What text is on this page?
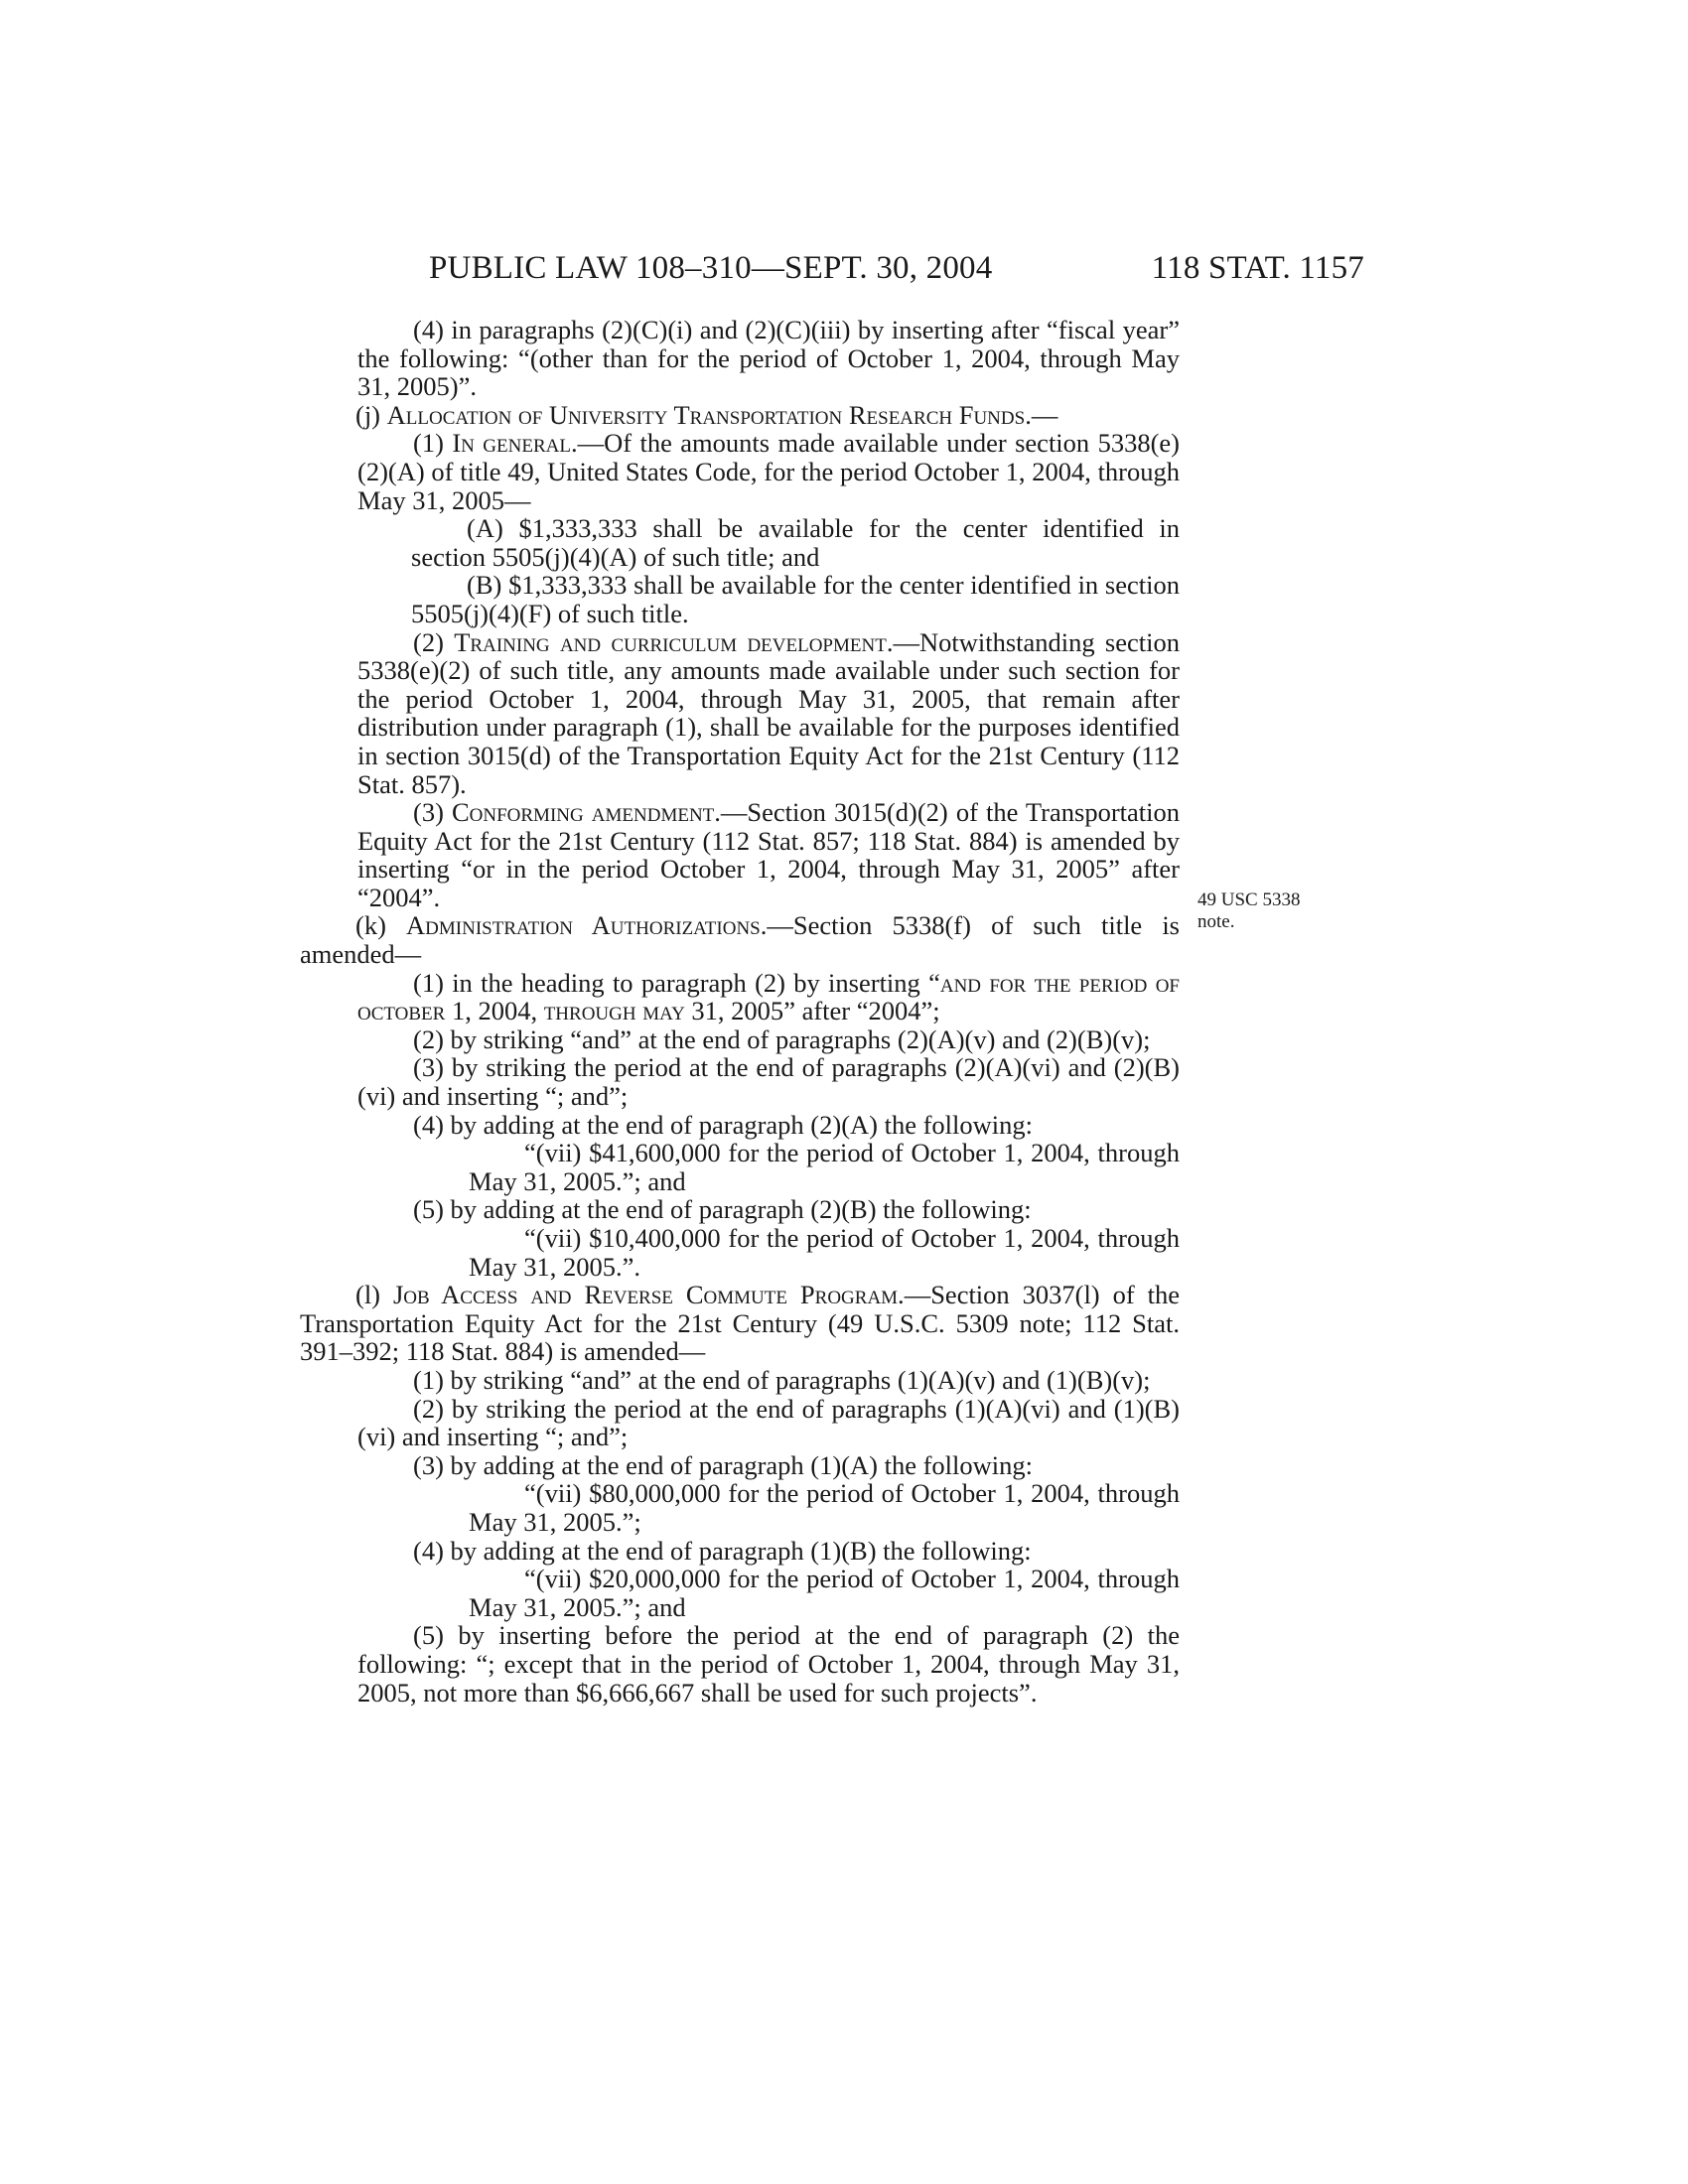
PUBLIC LAW 108–310—SEPT. 30, 2004	118 STAT. 1157

(4) in paragraphs (2)(C)(i) and (2)(C)(iii) by inserting after “fiscal year” the following: “(other than for the period of October 1, 2004, through May 31, 2005)”.

(j) Allocation of University Transportation Research Funds.—

(1) In general.—Of the amounts made available under section 5338(e)(2)(A) of title 49, United States Code, for the period October 1, 2004, through May 31, 2005—

(A) $1,333,333 shall be available for the center identified in section 5505(j)(4)(A) of such title; and

(B) $1,333,333 shall be available for the center identified in section 5505(j)(4)(F) of such title.

(2) Training and curriculum development.—Notwithstanding section 5338(e)(2) of such title, any amounts made available under such section for the period October 1, 2004, through May 31, 2005, that remain after distribution under paragraph (1), shall be available for the purposes identified in section 3015(d) of the Transportation Equity Act for the 21st Century (112 Stat. 857).

(3) Conforming amendment.—Section 3015(d)(2) of the Transportation Equity Act for the 21st Century (112 Stat. 857; 118 Stat. 884) is amended by inserting “or in the period October 1, 2004, through May 31, 2005” after “2004”.

(k) Administration Authorizations.—Section 5338(f) of such title is amended—

(1) in the heading to paragraph (2) by inserting “and for the period of october 1, 2004, through may 31, 2005” after “2004”;

(2) by striking “and” at the end of paragraphs (2)(A)(v) and (2)(B)(v);

(3) by striking the period at the end of paragraphs (2)(A)(vi) and (2)(B)(vi) and inserting “; and”;

(4) by adding at the end of paragraph (2)(A) the following:

“(vii) $41,600,000 for the period of October 1, 2004, through May 31, 2005.”; and

(5) by adding at the end of paragraph (2)(B) the following:

“(vii) $10,400,000 for the period of October 1, 2004, through May 31, 2005.”.

(l) Job Access and Reverse Commute Program.—Section 3037(l) of the Transportation Equity Act for the 21st Century (49 U.S.C. 5309 note; 112 Stat. 391–392; 118 Stat. 884) is amended—

(1) by striking “and” at the end of paragraphs (1)(A)(v) and (1)(B)(v);

(2) by striking the period at the end of paragraphs (1)(A)(vi) and (1)(B)(vi) and inserting “; and”;

(3) by adding at the end of paragraph (1)(A) the following:

“(vii) $80,000,000 for the period of October 1, 2004, through May 31, 2005.”;

(4) by adding at the end of paragraph (1)(B) the following:

“(vii) $20,000,000 for the period of October 1, 2004, through May 31, 2005.”; and

(5) by inserting before the period at the end of paragraph (2) the following: “; except that in the period of October 1, 2004, through May 31, 2005, not more than $6,666,667 shall be used for such projects”.

49 USC 5338
note.
